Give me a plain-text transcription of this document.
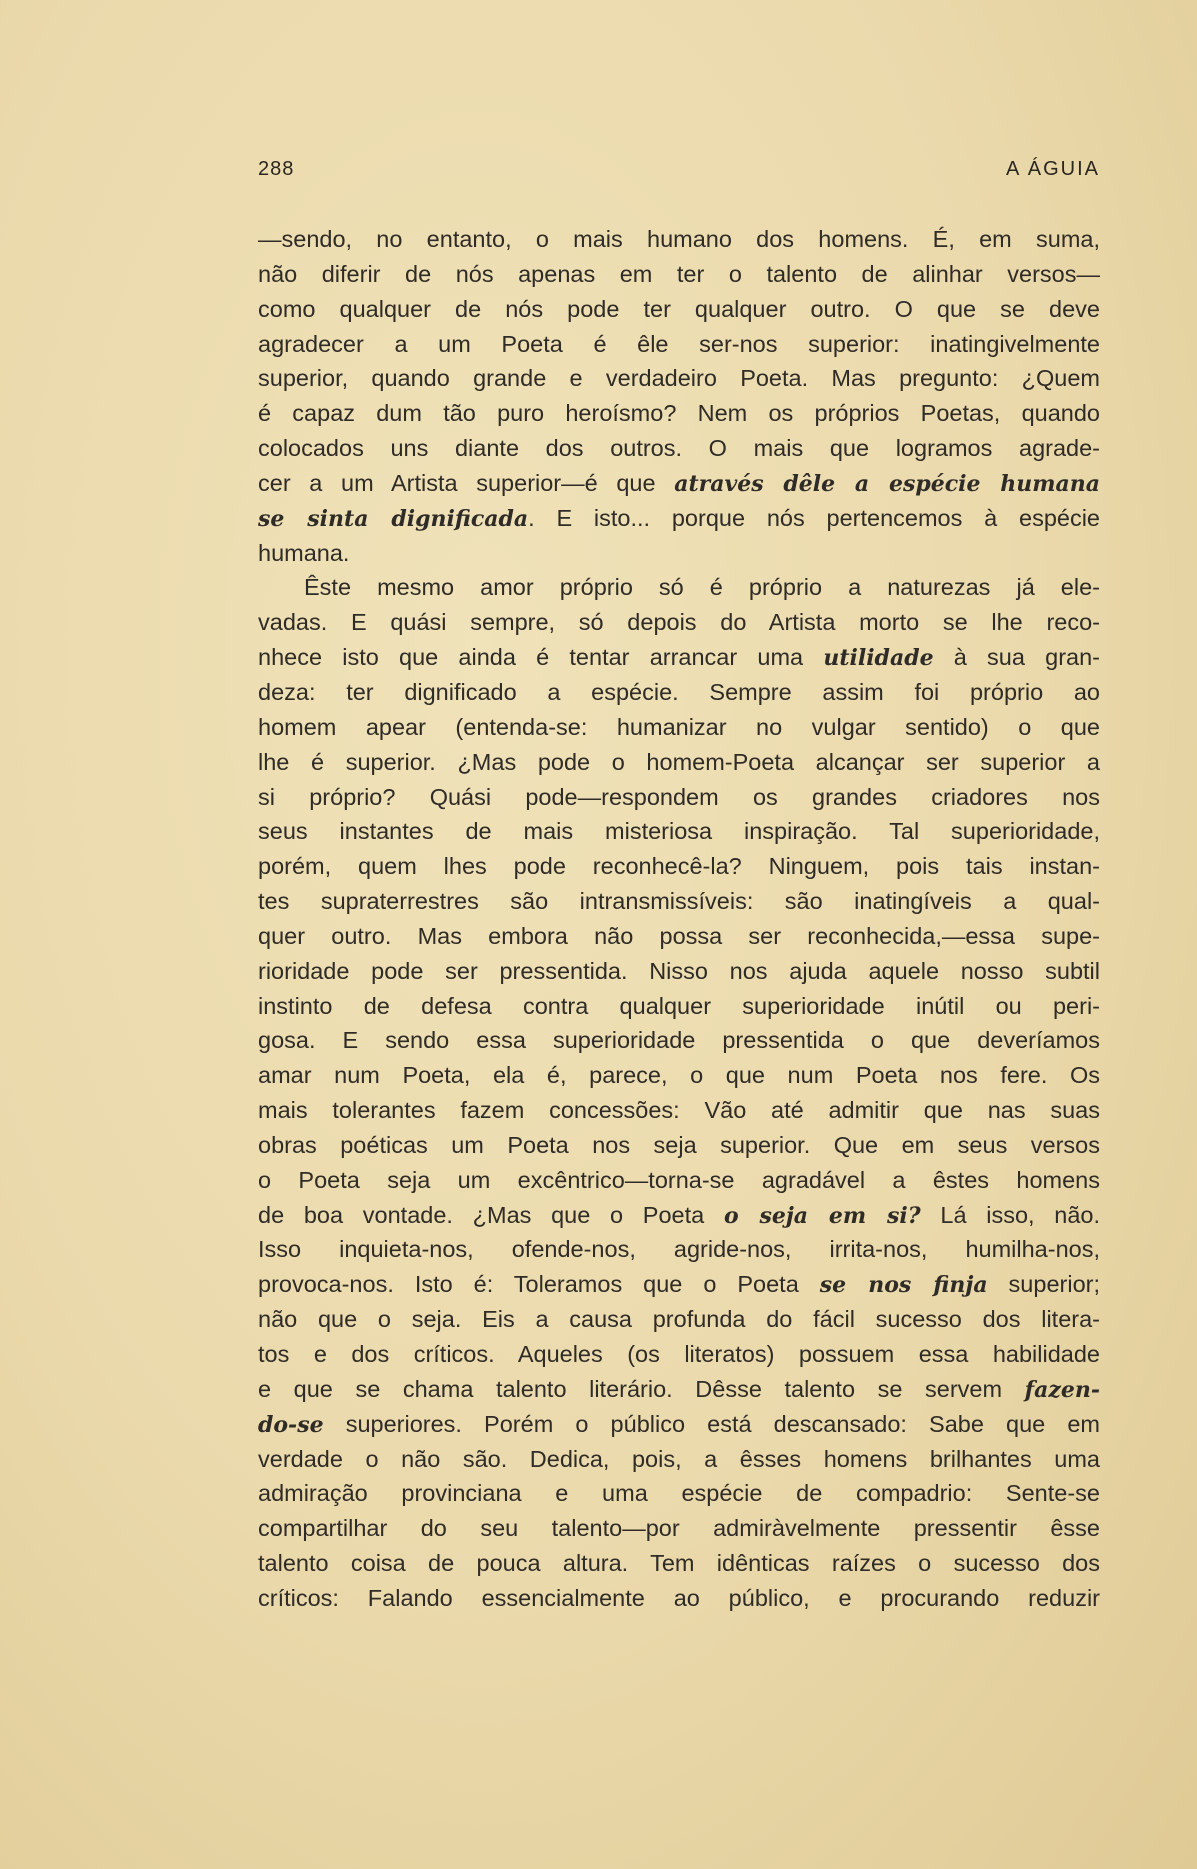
288	A ÁGUIA
—sendo, no entanto, o mais humano dos homens. É, em suma,
não diferir de nós apenas em ter o talento de alinhar versos—
como qualquer de nós pode ter qualquer outro. O que se deve
agradecer a um Poeta é êle ser-nos superior: inatingivelmente
superior, quando grande e verdadeiro Poeta. Mas pregunto: ¿Quem
é capaz dum tão puro heroísmo? Nem os próprios Poetas, quando
colocados uns diante dos outros. O mais que logramos agrade-
cer a um Artista superior—é que através dêle a espécie humana
se sinta dignificada. E isto... porque nós pertencemos à espécie
humana.
Êste mesmo amor próprio só é próprio a naturezas já ele-
vadas. E quási sempre, só depois do Artista morto se lhe reco-
nhece isto que ainda é tentar arrancar uma utilidade à sua gran-
deza: ter dignificado a espécie. Sempre assim foi próprio ao
homem apear (entenda-se: humanizar no vulgar sentido) o que
lhe é superior. ¿Mas pode o homem-Poeta alcançar ser superior a
si próprio? Quási pode—respondem os grandes criadores nos
seus instantes de mais misteriosa inspiração. Tal superioridade,
porém, quem lhes pode reconhecê-la? Ninguem, pois tais instan-
tes supraterrestres são intransmissíveis: são inatingíveis a qual-
quer outro. Mas embora não possa ser reconhecida,—essa supe-
rioridade pode ser pressentida. Nisso nos ajuda aquele nosso subtil
instinto de defesa contra qualquer superioridade inútil ou peri-
gosa. E sendo essa superioridade pressentida o que deveríamos
amar num Poeta, ela é, parece, o que num Poeta nos fere. Os
mais tolerantes fazem concessões: Vão até admitir que nas suas
obras poéticas um Poeta nos seja superior. Que em seus versos
o Poeta seja um excêntrico—torna-se agradável a êstes homens
de boa vontade. ¿Mas que o Poeta o seja em si? Lá isso, não.
Isso inquieta-nos, ofende-nos, agride-nos, irrita-nos, humilha-nos,
provoca-nos. Isto é: Toleramos que o Poeta se nos finja superior;
não que o seja. Eis a causa profunda do fácil sucesso dos litera-
tos e dos críticos. Aqueles (os literatos) possuem essa habilidade
e que se chama talento literário. Dêsse talento se servem fazen-
do-se superiores. Porém o público está descansado: Sabe que em
verdade o não são. Dedica, pois, a êsses homens brilhantes uma
admiração provinciana e uma espécie de compadrio: Sente-se
compartilhar do seu talento—por admiràvelmente pressentir êsse
talento coisa de pouca altura. Tem idênticas raízes o sucesso dos
críticos: Falando essencialmente ao público, e procurando reduzir
